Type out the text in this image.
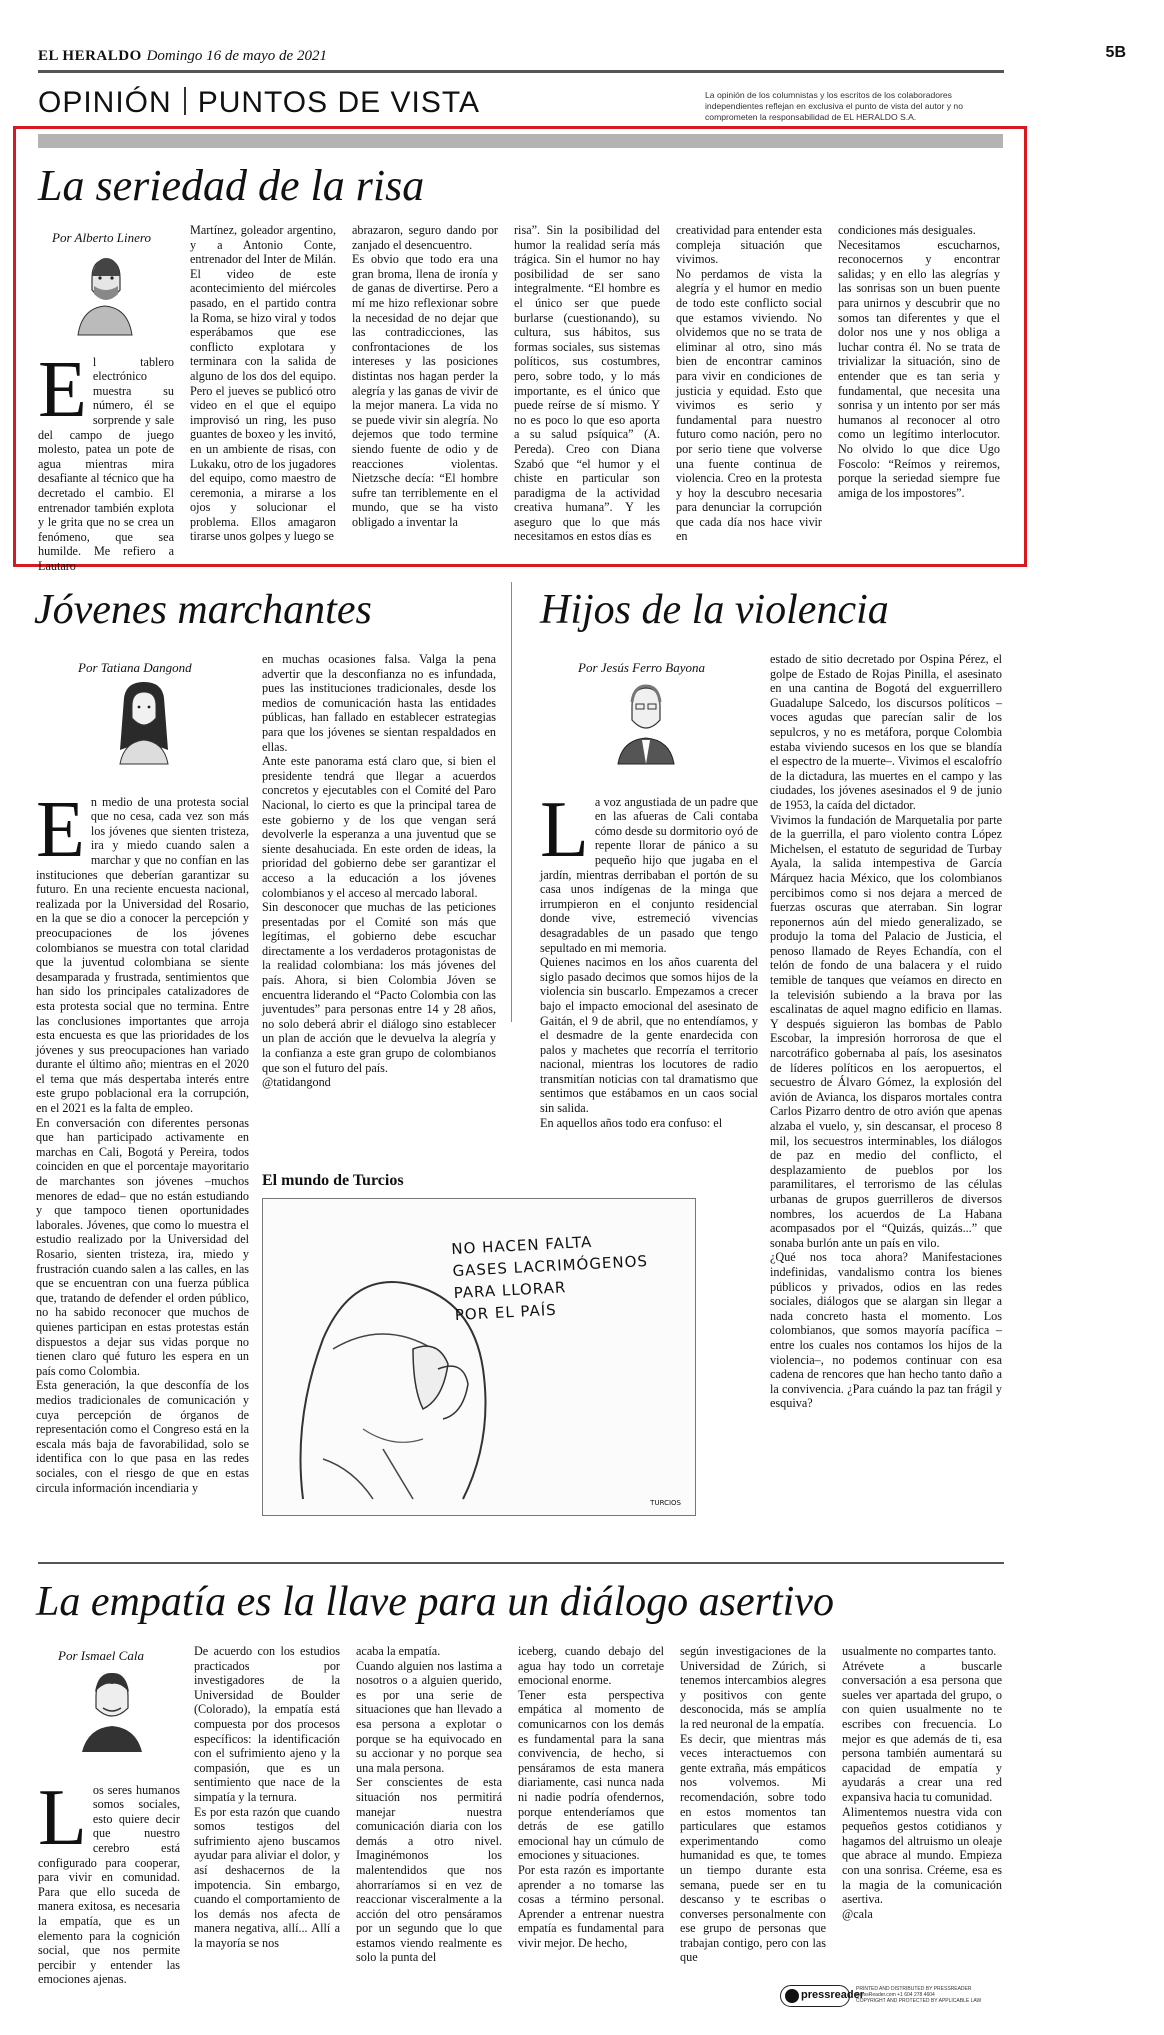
EL HERALDO Domingo 16 de mayo de 2021	5B
OPINIÓN PUNTOS DE VISTA	La opinión de los columnistas y los escritos de los colaboradores independientes reflejan en exclusiva el punto de vista del autor y no comprometen la responsabilidad de EL HERALDO S.A.
La seriedad de la risa
Por Alberto Linero

El tablero electrónico muestra su número, él se sorprende y sale del campo de juego molesto, patea un pote de agua mientras mira desafiante al técnico que ha decretado el cambio. El entrenador también explota y le grita que no se crea un fenómeno, que sea humilde. Me refiero a Lautaro

Martínez, goleador argentino, y a Antonio Conte, entrenador del Inter de Milán. El video de este acontecimiento del miércoles pasado, en el partido contra la Roma, se hizo viral y todos esperábamos que ese conflicto explotara y terminara con la salida de alguno de los dos del equipo. Pero el jueves se publicó otro video en el que el equipo improvisó un ring, les puso guantes de boxeo y les invitó, en un ambiente de risas, con Lukaku, otro de los jugadores del equipo, como maestro de ceremonia, a mirarse a los ojos y solucionar el problema. Ellos amagaron tirarse unos golpes y luego se
abrazaron, seguro dando por zanjado el desencuentro.
Es obvio que todo era una gran broma, llena de ironía y de ganas de divertirse. Pero a mí me hizo reflexionar sobre la necesidad de no dejar que las contradicciones, las confrontaciones de los intereses y las posiciones distintas nos hagan perder la alegría y las ganas de vivir de la mejor manera. La vida no se puede vivir sin alegría. No dejemos que todo termine siendo fuente de odio y de reacciones violentas. Nietzsche decía: “El hombre sufre tan terriblemente en el mundo, que se ha visto obligado a inventar la
risa”. Sin la posibilidad del humor la realidad sería más trágica. Sin el humor no hay posibilidad de ser sano integralmente. “El hombre es el único ser que puede burlarse (cuestionando), su cultura, sus hábitos, sus formas sociales, sus sistemas políticos, sus costumbres, pero, sobre todo, y lo más importante, es el único que puede reírse de sí mismo. Y no es poco lo que eso aporta a su salud psíquica” (A. Pereda). Creo con Diana Szabó que “el humor y el chiste en particular son paradigma de la actividad creativa humana”. Y les aseguro que lo que más necesitamos en estos días es
creatividad para entender esta compleja situación que vivimos.
No perdamos de vista la alegría y el humor en medio de todo este conflicto social que estamos viviendo. No olvidemos que no se trata de eliminar al otro, sino más bien de encontrar caminos para vivir en condiciones de justicia y equidad. Esto que vivimos es serio y fundamental para nuestro futuro como nación, pero no por serio tiene que volverse una fuente continua de violencia. Creo en la protesta y hoy la descubro necesaria para denunciar la corrupción que cada día nos hace vivir en
condiciones más desiguales.
Necesitamos escucharnos, reconocernos y encontrar salidas; y en ello las alegrías y las sonrisas son un buen puente para unirnos y descubrir que no somos tan diferentes y que el dolor nos une y nos obliga a luchar contra él. No se trata de trivializar la situación, sino de entender que es tan seria y fundamental, que necesita una sonrisa y un intento por ser más humanos al reconocer al otro como un legítimo interlocutor. No olvido lo que dice Ugo Foscolo: “Reímos y reiremos, porque la seriedad siempre fue amiga de los impostores”.
Jóvenes marchantes
Por Tatiana Dangond

En medio de una protesta social que no cesa, cada vez son más los jóvenes que sienten tristeza, ira y miedo cuando salen a marchar y que no confían en las instituciones que deberían garantizar su futuro. En una reciente encuesta nacional, realizada por la Universidad del Rosario, en la que se dio a conocer la percepción y preocupaciones de los jóvenes colombianos se muestra con total claridad que la juventud colombiana se siente desamparada y frustrada, sentimientos que han sido los principales catalizadores de esta protesta social que no termina. Entre las conclusiones importantes que arroja esta encuesta es que las prioridades de los jóvenes y sus preocupaciones han variado durante el último año; mientras en el 2020 el tema que más despertaba interés entre este grupo poblacional era la corrupción, en el 2021 es la falta de empleo.
En conversación con diferentes personas que han participado activamente en marchas en Cali, Bogotá y Pereira, todos coinciden en que el porcentaje mayoritario de marchantes son jóvenes –muchos menores de edad– que no están estudiando y que tampoco tienen oportunidades laborales. Jóvenes, que como lo muestra el estudio realizado por la Universidad del Rosario, sienten tristeza, ira, miedo y frustración cuando salen a las calles, en las que se encuentran con una fuerza pública que, tratando de defender el orden público, no ha sabido reconocer que muchos de quienes participan en estas protestas están dispuestos a dejar sus vidas porque no tienen claro qué futuro les espera en un país como Colombia.
Esta generación, la que desconfía de los medios tradicionales de comunicación y cuya percepción de órganos de representación como el Congreso está en la escala más baja de favorabilidad, solo se identifica con lo que pasa en las redes sociales, con el riesgo de que en estas circula información incendiaria y

en muchas ocasiones falsa. Valga la pena advertir que la desconfianza no es infundada, pues las instituciones tradicionales, desde los medios de comunicación hasta las entidades públicas, han fallado en establecer estrategias para que los jóvenes se sientan respaldados en ellas.
Ante este panorama está claro que, si bien el presidente tendrá que llegar a acuerdos concretos y ejecutables con el Comité del Paro Nacional, lo cierto es que la principal tarea de este gobierno y de los que vengan será devolverle la esperanza a una juventud que se siente desahuciada. En este orden de ideas, la prioridad del gobierno debe ser garantizar el acceso a la educación a los jóvenes colombianos y el acceso al mercado laboral.
Sin desconocer que muchas de las peticiones presentadas por el Comité son más que legítimas, el gobierno debe escuchar directamente a los verdaderos protagonistas de la realidad colombiana: los más jóvenes del país. Ahora, si bien Colombia Jóven se encuentra liderando el “Pacto Colombia con las juventudes” para personas entre 14 y 28 años, no solo deberá abrir el diálogo sino establecer un plan de acción que le devuelva la alegría y la confianza a este gran grupo de colombianos que son el futuro del país.
@tatidangond
El mundo de Turcios
NO HACEN FALTA
GASES LACRIMÓGENOS
PARA LLORAR
POR EL PAÍS
TURCIOS
Hijos de la violencia
Por Jesús Ferro Bayona

La voz angustiada de un padre que en las afueras de Cali contaba cómo desde su dormitorio oyó de repente llorar de pánico a su pequeño hijo que jugaba en el jardín, mientras derribaban el portón de su casa unos indígenas de la minga que irrumpieron en el conjunto residencial donde vive, estremeció vivencias desagradables de un pasado que tengo sepultado en mi memoria.
Quienes nacimos en los años cuarenta del siglo pasado decimos que somos hijos de la violencia sin buscarlo. Empezamos a crecer bajo el impacto emocional del asesinato de Gaitán, el 9 de abril, que no entendíamos, y el desmadre de la gente enardecida con palos y machetes que recorría el territorio nacional, mientras los locutores de radio transmitían noticias con tal dramatismo que sentimos que estábamos en un caos social sin salida.
En aquellos años todo era confuso: el

estado de sitio decretado por Ospina Pérez, el golpe de Estado de Rojas Pinilla, el asesinato en una cantina de Bogotá del exguerrillero Guadalupe Salcedo, los discursos políticos –voces agudas que parecían salir de los sepulcros, y no es metáfora, porque Colombia estaba viviendo sucesos en los que se blandía el espectro de la muerte–. Vivimos el escalofrío de la dictadura, las muertes en el campo y las ciudades, los jóvenes asesinados el 9 de junio de 1953, la caída del dictador.
Vivimos la fundación de Marquetalia por parte de la guerrilla, el paro violento contra López Michelsen, el estatuto de seguridad de Turbay Ayala, la salida intempestiva de García Márquez hacia México, que los colombianos percibimos como si nos dejara a merced de fuerzas oscuras que aterraban. Sin lograr reponernos aún del miedo generalizado, se produjo la toma del Palacio de Justicia, el penoso llamado de Reyes Echandía, con el telón de fondo de una balacera y el ruido temible de tanques que veíamos en directo en la televisión subiendo a la brava por las escalinatas de aquel magno edificio en llamas. Y después siguieron las bombas de Pablo Escobar, la impresión horrorosa de que el narcotráfico gobernaba al país, los asesinatos de líderes políticos en los aeropuertos, el secuestro de Álvaro Gómez, la explosión del avión de Avianca, los disparos mortales contra Carlos Pizarro dentro de otro avión que apenas alzaba el vuelo, y, sin descansar, el proceso 8 mil, los secuestros interminables, los diálogos de paz en medio del conflicto, el desplazamiento de pueblos por los paramilitares, el terrorismo de las células urbanas de grupos guerrilleros de diversos nombres, los acuerdos de La Habana acompasados por el “Quizás, quizás...” que sonaba burlón ante un país en vilo.
¿Qué nos toca ahora? Manifestaciones indefinidas, vandalismo contra los bienes públicos y privados, odios en las redes sociales, diálogos que se alargan sin llegar a nada concreto hasta el momento. Los colombianos, que somos mayoría pacífica –entre los cuales nos contamos los hijos de la violencia–, no podemos continuar con esa cadena de rencores que han hecho tanto daño a la convivencia. ¿Para cuándo la paz tan frágil y esquiva?
La empatía es la llave para un diálogo asertivo
Por Ismael Cala

Los seres humanos somos sociales, esto quiere decir que nuestro cerebro está configurado para cooperar, para vivir en comunidad. Para que ello suceda de manera exitosa, es necesaria la empatía, que es un elemento para la cognición social, que nos permite percibir y entender las emociones ajenas.

De acuerdo con los estudios practicados por investigadores de la Universidad de Boulder (Colorado), la empatía está compuesta por dos procesos específicos: la identificación con el sufrimiento ajeno y la compasión, que es un sentimiento que nace de la simpatía y la ternura.
Es por esta razón que cuando somos testigos del sufrimiento ajeno buscamos ayudar para aliviar el dolor, y así deshacernos de la impotencia. Sin embargo, cuando el comportamiento de los demás nos afecta de manera negativa, allí... Allí a la mayoría se nos
acaba la empatía.
Cuando alguien nos lastima a nosotros o a alguien querido, es por una serie de situaciones que han llevado a esa persona a explotar o porque se ha equivocado en su accionar y no porque sea una mala persona.
Ser conscientes de esta situación nos permitirá manejar nuestra comunicación diaria con los demás a otro nivel. Imaginémonos los malentendidos que nos ahorraríamos si en vez de reaccionar visceralmente a la acción del otro pensáramos por un segundo que lo que estamos viendo realmente es solo la punta del
iceberg, cuando debajo del agua hay todo un corretaje emocional enorme.
Tener esta perspectiva empática al momento de comunicarnos con los demás es fundamental para la sana convivencia, de hecho, si pensáramos de esta manera diariamente, casi nunca nada ni nadie podría ofendernos, porque entenderíamos que detrás de ese gatillo emocional hay un cúmulo de emociones y situaciones.
Por esta razón es importante aprender a no tomarse las cosas a término personal. Aprender a entrenar nuestra empatía es fundamental para vivir mejor. De hecho,
según investigaciones de la Universidad de Zúrich, si tenemos intercambios alegres y positivos con gente desconocida, más se amplía la red neuronal de la empatía.
Es decir, que mientras más veces interactuemos con gente extraña, más empáticos nos volvemos. Mi recomendación, sobre todo en estos momentos tan particulares que estamos experimentando como humanidad es que, te tomes un tiempo durante esta semana, puede ser en tu descanso y te escribas o converses personalmente con ese grupo de personas que trabajan contigo, pero con las que
usualmente no compartes tanto.
Atrévete a buscarle conversación a esa persona que sueles ver apartada del grupo, o con quien usualmente no te escribes con frecuencia. Lo mejor es que además de ti, esa persona también aumentará su capacidad de empatía y ayudarás a crear una red expansiva hacia tu comunidad.
Alimentemos nuestra vida con pequeños gestos cotidianos y hagamos del altruismo un oleaje que abrace al mundo. Empieza con una sonrisa. Créeme, esa es la magia de la comunicación asertiva.
@cala
pressreader
PRINTED AND DISTRIBUTED BY PRESSREADER
PressReader.com +1 604 278 4604
COPYRIGHT AND PROTECTED BY APPLICABLE LAW
